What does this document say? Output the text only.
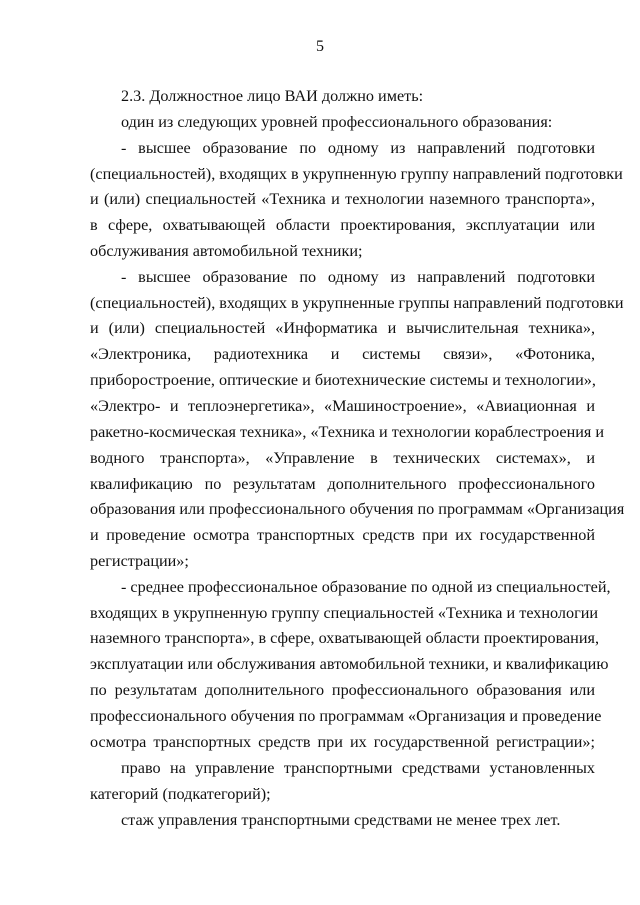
5
2.3. Должностное лицо ВАИ должно иметь:
один из следующих уровней профессионального образования:
- высшее образование по одному из направлений подготовки
(специальностей), входящих в укрупненную группу направлений подготовки
и (или) специальностей «Техника и технологии наземного транспорта»,
в сфере, охватывающей области проектирования, эксплуатации или
обслуживания автомобильной техники;
- высшее образование по одному из направлений подготовки
(специальностей), входящих в укрупненные группы направлений подготовки
и (или) специальностей «Информатика и вычислительная техника»,
«Электроника, радиотехника и системы связи», «Фотоника,
приборостроение, оптические и биотехнические системы и технологии»,
«Электро- и теплоэнергетика», «Машиностроение», «Авиационная и
ракетно-космическая техника», «Техника и технологии кораблестроения и
водного транспорта», «Управление в технических системах», и
квалификацию по результатам дополнительного профессионального
образования или профессионального обучения по программам «Организация
и проведение осмотра транспортных средств при их государственной
регистрации»;
- среднее профессиональное образование по одной из специальностей,
входящих в укрупненную группу специальностей «Техника и технологии
наземного транспорта», в сфере, охватывающей области проектирования,
эксплуатации или обслуживания автомобильной техники, и квалификацию
по результатам дополнительного профессионального образования или
профессионального обучения по программам «Организация и проведение
осмотра транспортных средств при их государственной регистрации»;
право на управление транспортными средствами установленных
категорий (подкатегорий);
стаж управления транспортными средствами не менее трех лет.
